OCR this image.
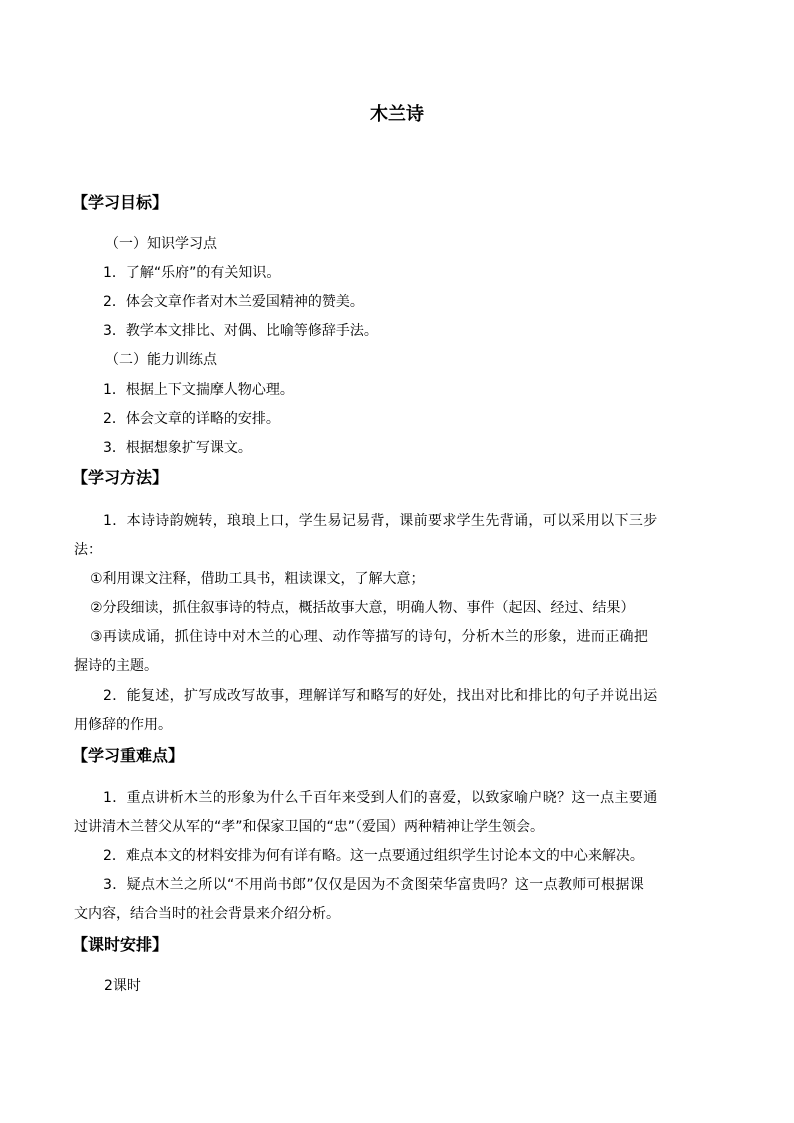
木兰诗
【学习目标】
（一）知识学习点
1．了解“乐府”的有关知识。
2．体会文章作者对木兰爱国精神的赞美。
3．教学本文排比、对偶、比喻等修辞手法。
（二）能力训练点
1．根据上下文揣摩人物心理。
2．体会文章的详略的安排。
3．根据想象扩写课文。
【学习方法】
1．本诗诗韵婉转，琅琅上口，学生易记易背，课前要求学生先背诵，可以采用以下三步
法：
①利用课文注释，借助工具书，粗读课文，了解大意；
②分段细读，抓住叙事诗的特点，概括故事大意，明确人物、事件（起因、经过、结果）
③再读成诵，抓住诗中对木兰的心理、动作等描写的诗句，分析木兰的形象，进而正确把
握诗的主题。
2．能复述，扩写成改写故事，理解详写和略写的好处，找出对比和排比的句子并说出运
用修辞的作用。
【学习重难点】
1．重点讲析木兰的形象为什么千百年来受到人们的喜爱，以致家喻户晓？这一点主要通
过讲清木兰替父从军的“孝”和保家卫国的“忠”（爱国）两种精神让学生领会。
2．难点本文的材料安排为何有详有略。这一点要通过组织学生讨论本文的中心来解决。
3．疑点木兰之所以“不用尚书郎”仅仅是因为不贪图荣华富贵吗？这一点教师可根据课
文内容，结合当时的社会背景来介绍分析。
【课时安排】
2课时
